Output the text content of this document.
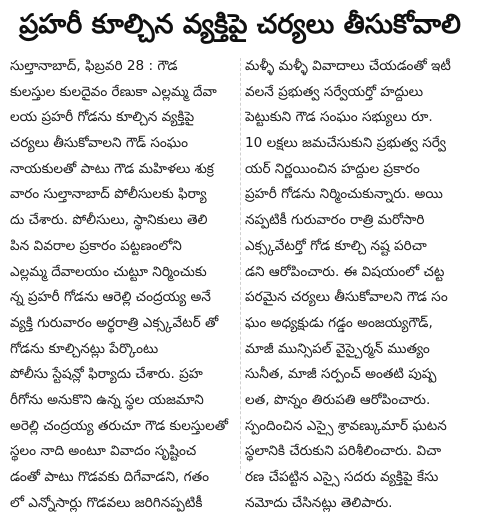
ప్రహరీ కూల్చిన వ్యక్తిపై చర్యలు తీసుకోవాలి
సుల్తానాబాద్, ఫిబ్రవరి 28 : గౌడ
కులస్తుల కులదైవం రేణుకా ఎల్లమ్మ దేవా
లయ ప్రహరీ గోడను కూల్చిన వ్యక్తిపై
చర్యలు తీసుకోవాలని గౌడ్ సంఘం
నాయకులతో పాటు గౌడ మహిళలు శుక్ర
వారం సుల్తానాబాద్ పోలీసులకు ఫిర్యా
దు చేశారు. పోలీసులు, స్థానికులు తెలి
పిన వివరాల ప్రకారం పట్టణంలోని
ఎల్లమ్మ దేవాలయం చుట్టూ నిర్మించుకు
న్న ప్రహరీ గోడను ఆరెల్లి చంద్రయ్య అనే
వ్యక్తి గురువారం అర్థరాత్రి ఎక్స్కవేటర్ తో
గోడను కూల్చినట్లు పేర్కొంటు
పోలీసు స్టేషన్లో ఫిర్యాదు చేశారు. ప్రహ
రీగోను అనుకొని ఉన్న స్థల యజమాని
అరెల్లి చంద్రయ్య తరుచూ గౌడ కులస్తులతో
స్థలం నాది అంటూ వివాదం సృష్టించ
డంతో పాటు గొడవకు దిగేవాడని, గతం
లో ఎన్నోసార్లు గొడవలు జరిగినప్పటికీ
మళ్ళీ మళ్ళీ వివాదాలు చేయడంతో ఇటీ
వలనే ప్రభుత్వ సర్వేయర్తో హద్దులు
పెట్టుకుని గౌడ సంఘం సభ్యులు రూ.
10 లక్షలు జమచేసుకుని ప్రభుత్వ సర్వే
యర్ నిర్ణయించిన హద్దుల ప్రకారం
ప్రహరీ గోడను నిర్మించుకున్నారు. అయి
నప్పటికీ గురువారం రాత్రి మరోసారి
ఎక్స్కవేటర్తో గోడ కూల్చి నష్ట పరిచా
డని ఆరోపించారు. ఈ విషయంలో చట్ట
పరమైన చర్యలు తీసుకోవాలని గౌడ సం
ఘం అధ్యక్షుడు గడ్డం అంజయ్యగౌడ్,
మాజీ మున్సిపల్ వైస్చైర్మన్ ముత్యం
సునీత, మాజీ సర్పంచ్ అంతటి పుష్ప
లత, పొన్నం తిరుపతి ఆరోపించారు.
స్పందించిన ఎస్సై శ్రావణ్కుమార్ ఘటన
స్థలానికి చేరుకుని పరిశీలించారు. విచా
రణ చేపట్టిన ఎస్సై సదరు వ్యక్తిపై కేసు
నమోదు చేసినట్లు తెలిపారు.
